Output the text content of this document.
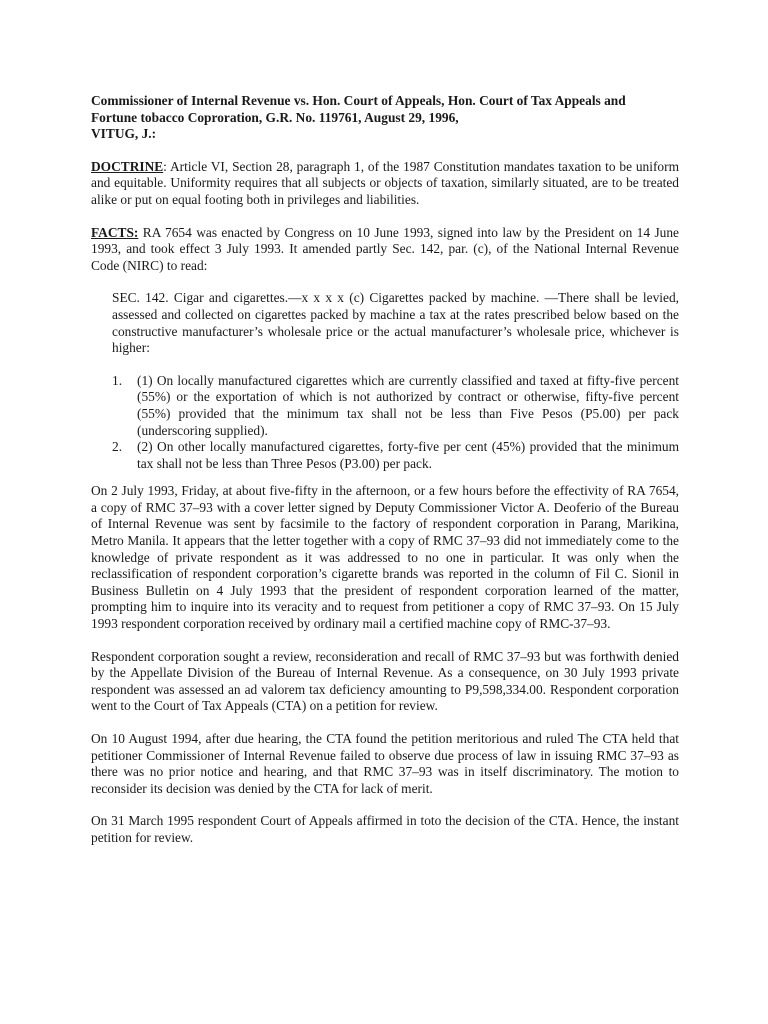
Commissioner of Internal Revenue vs. Hon. Court of Appeals, Hon. Court of Tax Appeals and
Fortune tobacco Coproration, G.R. No. 119761, August 29, 1996,
VITUG, J.:

DOCTRINE: Article VI, Section 28, paragraph 1, of the 1987 Constitution mandates taxation to be uniform and equitable. Uniformity requires that all subjects or objects of taxation, similarly situated, are to be treated alike or put on equal footing both in privileges and liabilities.

FACTS: RA 7654 was enacted by Congress on 10 June 1993, signed into law by the President on 14 June 1993, and took effect 3 July 1993. It amended partly Sec. 142, par. (c), of the National Internal Revenue Code (NIRC) to read:

SEC. 142. Cigar and cigarettes.—x x x x (c) Cigarettes packed by machine. —There shall be levied, assessed and collected on cigarettes packed by machine a tax at the rates prescribed below based on the constructive manufacturer’s wholesale price or the actual manufacturer’s wholesale price, whichever is higher:

1. (1) On locally manufactured cigarettes which are currently classified and taxed at fifty-five percent (55%) or the exportation of which is not authorized by contract or otherwise, fifty-five percent (55%) provided that the minimum tax shall not be less than Five Pesos (P5.00) per pack (underscoring supplied).
2. (2) On other locally manufactured cigarettes, forty-five per cent (45%) provided that the minimum tax shall not be less than Three Pesos (P3.00) per pack.

On 2 July 1993, Friday, at about five-fifty in the afternoon, or a few hours before the effectivity of RA 7654, a copy of RMC 37–93 with a cover letter signed by Deputy Commissioner Victor A. Deoferio of the Bureau of Internal Revenue was sent by facsimile to the factory of respondent corporation in Parang, Marikina, Metro Manila. It appears that the letter together with a copy of RMC 37–93 did not immediately come to the knowledge of private respondent as it was addressed to no one in particular. It was only when the reclassification of respondent corporation’s cigarette brands was reported in the column of Fil C. Sionil in Business Bulletin on 4 July 1993 that the president of respondent corporation learned of the matter, prompting him to inquire into its veracity and to request from petitioner a copy of RMC 37–93. On 15 July 1993 respondent corporation received by ordinary mail a certified machine copy of RMC-37–93.

Respondent corporation sought a review, reconsideration and recall of RMC 37–93 but was forthwith denied by the Appellate Division of the Bureau of Internal Revenue. As a consequence, on 30 July 1993 private respondent was assessed an ad valorem tax deficiency amounting to P9,598,334.00. Respondent corporation went to the Court of Tax Appeals (CTA) on a petition for review.

On 10 August 1994, after due hearing, the CTA found the petition meritorious and ruled The CTA held that petitioner Commissioner of Internal Revenue failed to observe due process of law in issuing RMC 37–93 as there was no prior notice and hearing, and that RMC 37–93 was in itself discriminatory. The motion to reconsider its decision was denied by the CTA for lack of merit.

On 31 March 1995 respondent Court of Appeals affirmed in toto the decision of the CTA. Hence, the instant petition for review.
